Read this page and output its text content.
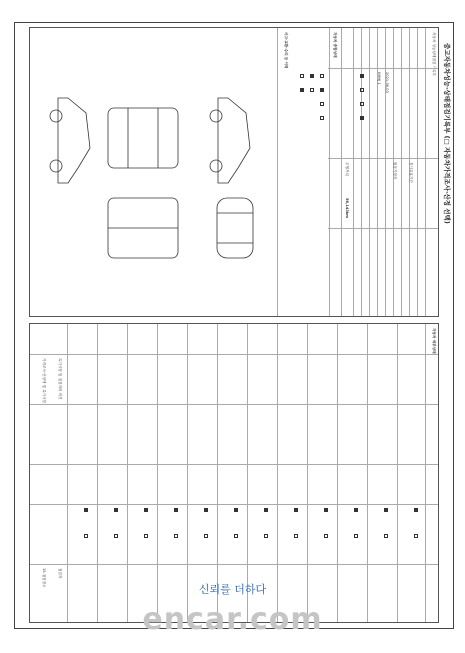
중고자동차성능·상태점검기록부 (□ 자동차가격조사·산정 선택)
자동차 성능상태점검 기록부
2021-06-03
KMHJ 1
검사유효기간
원동기형식
주행거리
56,143km
자동차 종합상태
사고·교환·수리 등 이력
자동차 세부상태
특기사항 및 점검자의 의견
가격조사·산정액 및 특기사항
15.점검장소	점검자
신뢰를 더하다
encar.com
